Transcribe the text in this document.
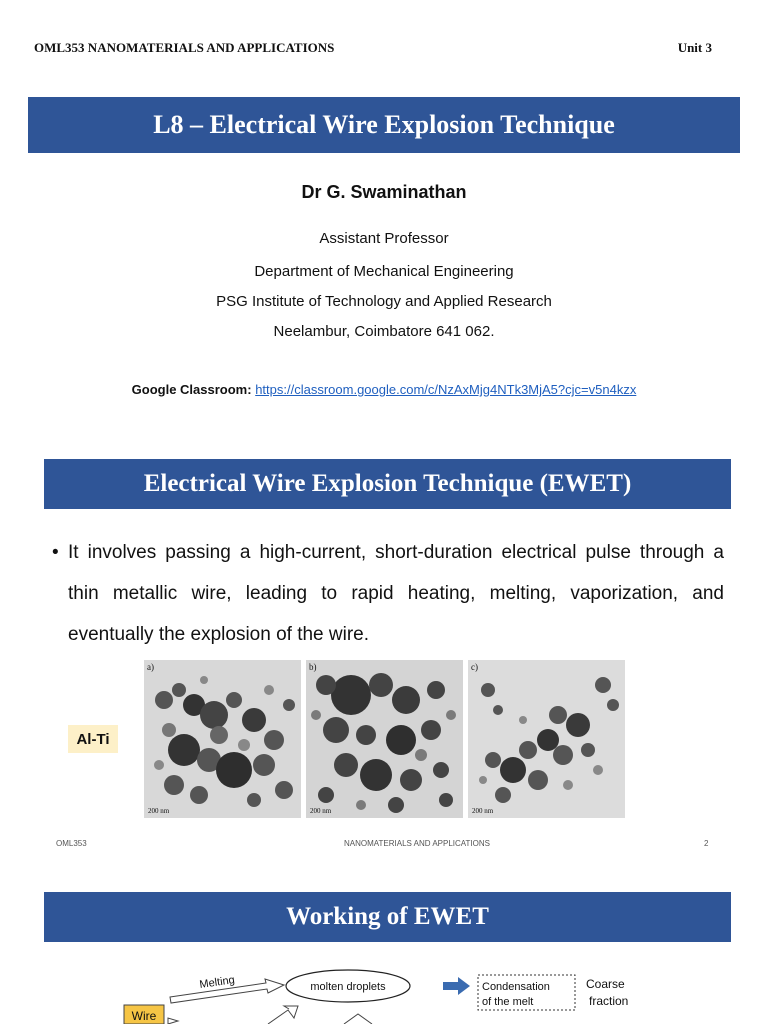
OML353 NANOMATERIALS AND APPLICATIONS	Unit 3
L8 – Electrical Wire Explosion Technique
Dr G. Swaminathan
Assistant Professor
Department of Mechanical Engineering
PSG Institute of Technology and Applied Research
Neelambur, Coimbatore 641 062.
Google Classroom: https://classroom.google.com/c/NzAxMjg4NTk3MjA5?cjc=v5n4kzx
Electrical Wire Explosion Technique (EWET)
• It involves passing a high-current, short-duration electrical pulse through a thin metallic wire, leading to rapid heating, melting, vaporization, and eventually the explosion of the wire.
Al-Ti
a)
200 nm
b)
200 nm
c)
200 nm
OML353	NANOMATERIALS AND APPLICATIONS	2
Working of EWET
Melting	molten droplets	Condensation
of the melt
Coarse
fraction
Wire
